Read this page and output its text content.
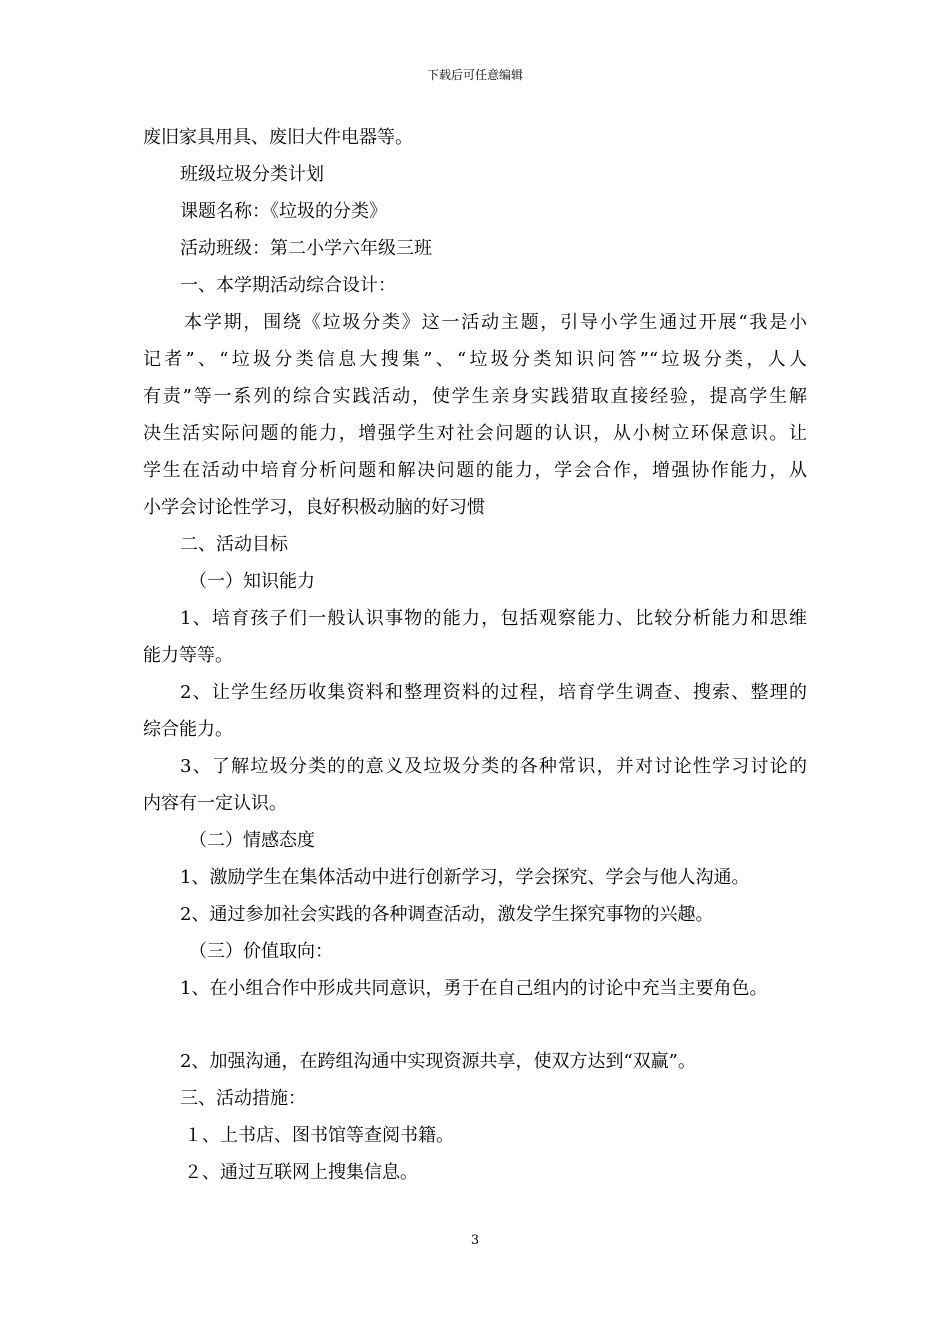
下载后可任意编辑
废旧家具用具、废旧大件电器等。
班级垃圾分类计划
课题名称：《垃圾的分类》
活动班级：第二小学六年级三班
一、本学期活动综合设计：
本学期，围绕《垃圾分类》这一活动主题，引导小学生通过开展“我是小
记者”、“垃圾分类信息大搜集”、“垃圾分类知识问答”“垃圾分类，人人
有责”等一系列的综合实践活动，使学生亲身实践猎取直接经验，提高学生解
决生活实际问题的能力，增强学生对社会问题的认识，从小树立环保意识。让
学生在活动中培育分析问题和解决问题的能力，学会合作，增强协作能力，从
小学会讨论性学习，良好积极动脑的好习惯
二、活动目标
（一）知识能力
1、培育孩子们一般认识事物的能力，包括观察能力、比较分析能力和思维
能力等等。
2、让学生经历收集资料和整理资料的过程，培育学生调查、搜索、整理的
综合能力。
3、了解垃圾分类的的意义及垃圾分类的各种常识，并对讨论性学习讨论的
内容有一定认识。
（二）情感态度
1、激励学生在集体活动中进行创新学习，学会探究、学会与他人沟通。
2、通过参加社会实践的各种调查活动，激发学生探究事物的兴趣。
（三）价值取向：
1、在小组合作中形成共同意识，勇于在自己组内的讨论中充当主要角色。
2、加强沟通，在跨组沟通中实现资源共享，使双方达到“双赢”。
三、活动措施：
１、上书店、图书馆等查阅书籍。
２、通过互联网上搜集信息。
3
